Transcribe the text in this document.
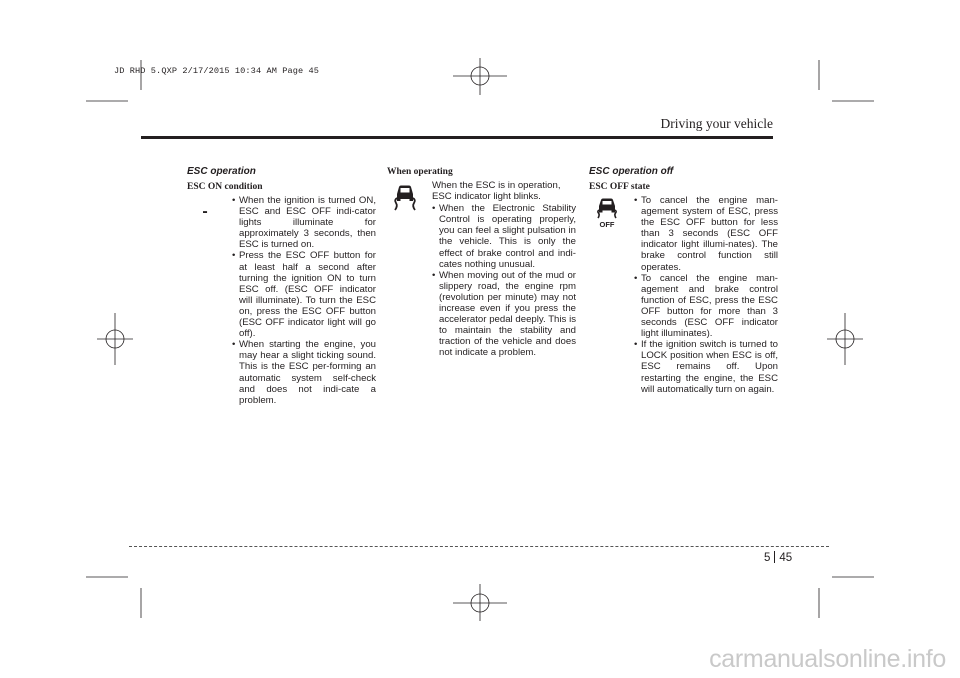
JD RHD 5.QXP 2/17/2015 10:34 AM Page 45
Driving your vehicle
ESC operation
ESC ON condition
-
• When the ignition is turned ON, ESC and ESC OFF indi-cator lights illuminate for approximately 3 seconds, then ESC is turned on.
• Press the ESC OFF button for at least half a second after turning the ignition ON to turn ESC off. (ESC OFF indicator will illuminate). To turn the ESC on, press the ESC OFF button (ESC OFF indicator light will go off).
• When starting the engine, you may hear a slight ticking sound. This is the ESC per-forming an automatic system self-check and does not indi-cate a problem.
When operating
When the ESC is in operation, ESC indicator light blinks.
• When the Electronic Stability Control is operating properly, you can feel a slight pulsation in the vehicle. This is only the effect of brake control and indi-cates nothing unusual.
• When moving out of the mud or slippery road, the engine rpm (revolution per minute) may not increase even if you press the accelerator pedal deeply. This is to maintain the stability and traction of the vehicle and does not indicate a problem.
ESC operation off
ESC OFF state
OFF
• To cancel the engine man-agement system of ESC, press the ESC OFF button for less than 3 seconds (ESC OFF indicator light illumi-nates). The brake control function still operates.
• To cancel the engine man-agement and brake control function of ESC, press the ESC OFF button for more than 3 seconds (ESC OFF indicator light illuminates).
• If the ignition switch is turned to LOCK position when ESC is off, ESC remains off. Upon restarting the engine, the ESC will automatically turn on again.
5 45
carmanualsonline.info
